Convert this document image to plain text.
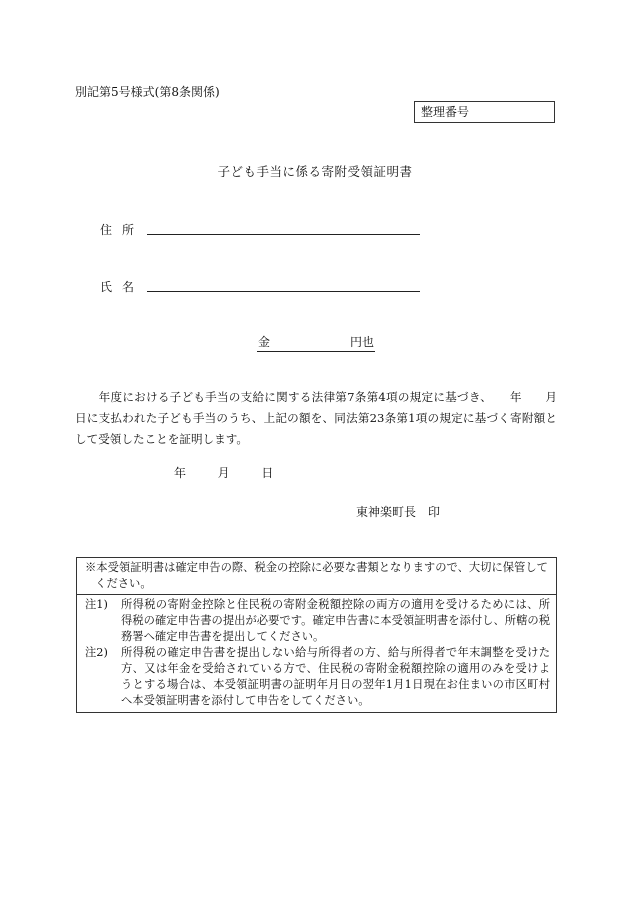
別記第5号様式(第8条関係)
整理番号
子ども手当に係る寄附受領証明書
住所
氏名
金	円也

　　年度における子ども手当の支給に関する法律第7条第4項の規定に基づき、　　年　　月　　日に支払われた子ども手当のうち、上記の額を、同法第23条第1項の規定に基づく寄附額として受領したことを証明します。

年	月	日
東神楽町長 印
※本受領証明書は確定申告の際、税金の控除に必要な書類となりますので、大切に保管してください。
注1)	所得税の寄附金控除と住民税の寄附金税額控除の両方の適用を受けるためには、所得税の確定申告書の提出が必要です。確定申告書に本受領証明書を添付し、所轄の税務署へ確定申告書を提出してください。
注2)	所得税の確定申告書を提出しない給与所得者の方、給与所得者で年末調整を受けた方、又は年金を受給されている方で、住民税の寄附金税額控除の適用のみを受けようとする場合は、本受領証明書の証明年月日の翌年1月1日現在お住まいの市区町村へ本受領証明書を添付して申告をしてください。
